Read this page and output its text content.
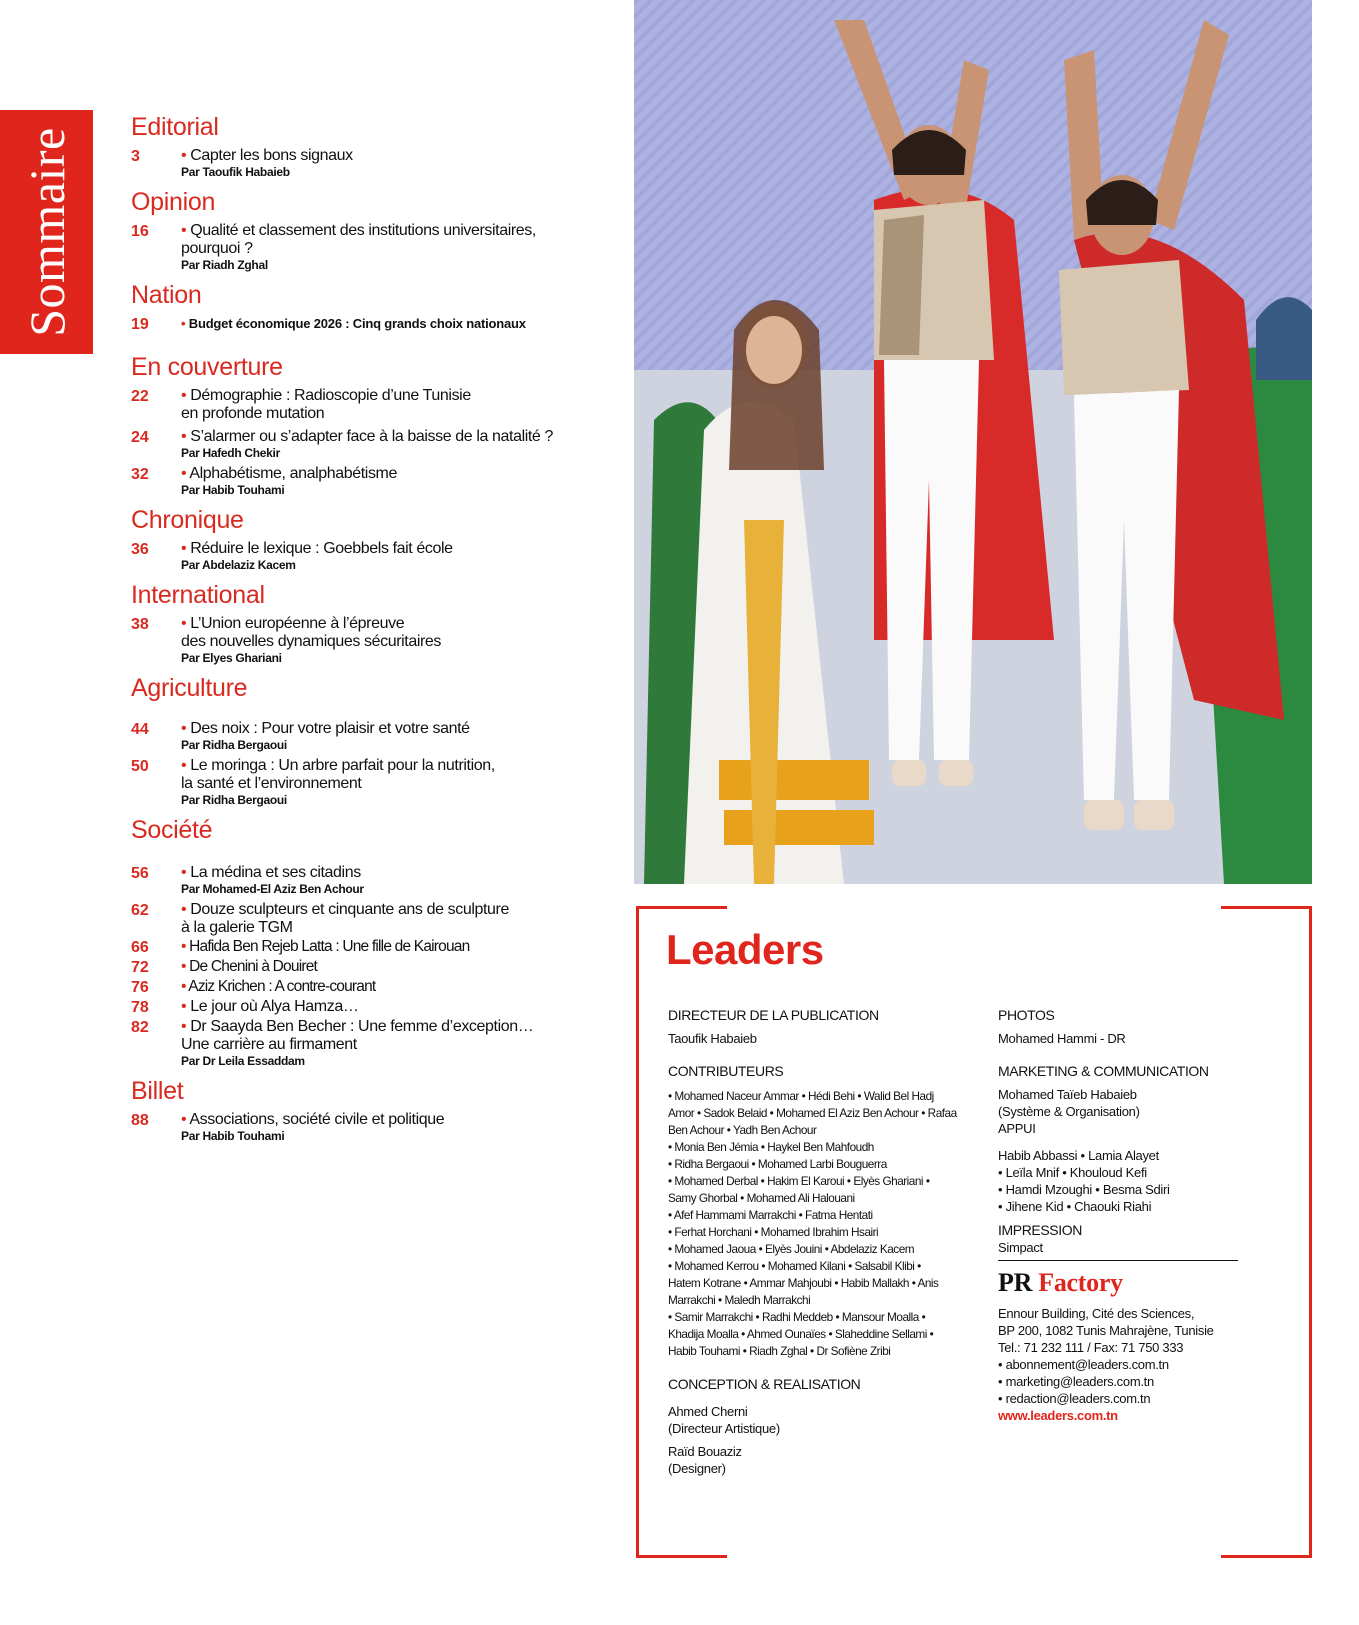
Sommaire
Editorial
3	• Capter les bons signaux
Par Taoufik Habaieb
Opinion
16	• Qualité et classement des institutions universitaires,
pourquoi ?
Par Riadh Zghal
Nation
19	• Budget économique 2026 : Cinq grands choix nationaux
En couverture
22	• Démographie : Radioscopie d’une Tunisie
en profonde mutation
24	• S’alarmer ou s’adapter face à la baisse de la natalité ?
Par Hafedh Chekir
32	• Alphabétisme, analphabétisme
Par Habib Touhami
Chronique
36	• Réduire le lexique : Goebbels fait école
Par Abdelaziz Kacem
International
38	• L’Union européenne à l’épreuve
des nouvelles dynamiques sécuritaires
Par Elyes Ghariani
Agriculture
44	• Des noix : Pour votre plaisir et votre santé
Par Ridha Bergaoui
50	• Le moringa : Un arbre parfait pour la nutrition,
la santé et l’environnement
Par Ridha Bergaoui
Société
56	• La médina et ses citadins
Par Mohamed-El Aziz Ben Achour
62	• Douze sculpteurs et cinquante ans de sculpture
à la galerie TGM
66	• Hafida Ben Rejeb Latta : Une fille de Kairouan
72	• De Chenini à Douiret
76	• Aziz Krichen : A contre-courant
78	• Le jour où Alya Hamza…
82	• Dr Saayda Ben Becher : Une femme d’exception…
Une carrière au firmament
Par Dr Leila Essaddam
Billet
88	• Associations, société civile et politique
Par Habib Touhami
Leaders
DIRECTEUR DE LA PUBLICATION
Taoufik Habaieb
CONTRIBUTEURS
• Mohamed Naceur Ammar • Hédi Behi • Walid Bel Hadj
Amor • Sadok Belaid • Mohamed El Aziz Ben Achour • Rafaa
Ben Achour • Yadh Ben Achour
• Monia Ben Jémia • Haykel Ben Mahfoudh
• Ridha Bergaoui • Mohamed Larbi Bouguerra
• Mohamed Derbal • Hakim El Karoui • Elyès Ghariani •
Samy Ghorbal • Mohamed Ali Halouani
• Afef Hammami Marrakchi • Fatma Hentati
• Ferhat Horchani • Mohamed Ibrahim Hsairi
• Mohamed Jaoua • Elyès Jouini • Abdelaziz Kacem
• Mohamed Kerrou • Mohamed Kilani • Salsabil Klibi •
Hatem Kotrane • Ammar Mahjoubi • Habib Mallakh • Anis
Marrakchi • Maledh Marrakchi
• Samir Marrakchi • Radhi Meddeb • Mansour Moalla •
Khadija Moalla • Ahmed Ounaïes • Slaheddine Sellami •
Habib Touhami • Riadh Zghal • Dr Sofiène Zribi
CONCEPTION & REALISATION
Ahmed Cherni
(Directeur Artistique)
Raïd Bouaziz
(Designer)
PHOTOS
Mohamed Hammi - DR
MARKETING & COMMUNICATION
Mohamed Taïeb Habaieb
(Système & Organisation)
APPUI
Habib Abbassi • Lamia Alayet
• Leïla Mnif • Khouloud Kefi
• Hamdi Mzoughi • Besma Sdiri
• Jihene Kid • Chaouki Riahi
IMPRESSION
Simpact
PR Factory
Ennour Building, Cité des Sciences,
BP 200, 1082 Tunis Mahrajène, Tunisie
Tel.: 71 232 111 / Fax: 71 750 333
• abonnement@leaders.com.tn
• marketing@leaders.com.tn
• redaction@leaders.com.tn
www.leaders.com.tn
